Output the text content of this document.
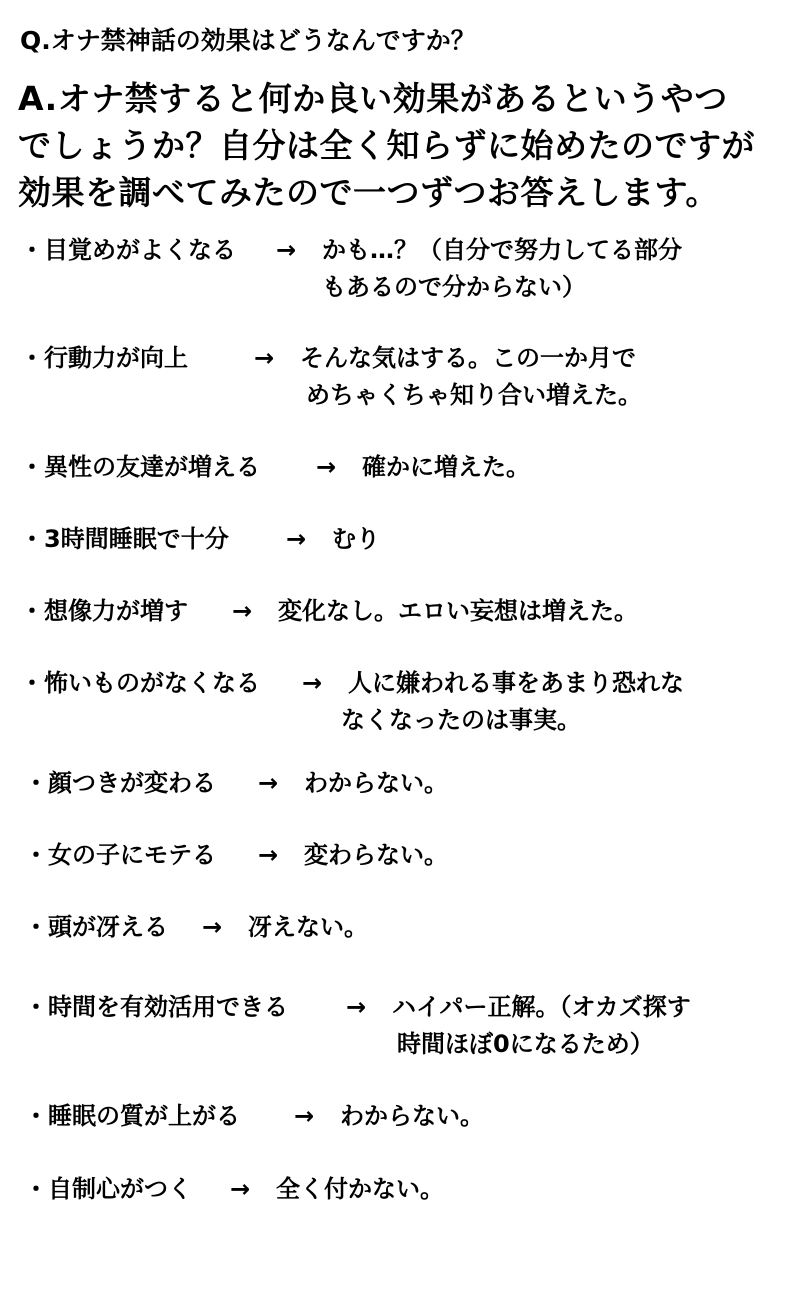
Q.オナ禁神話の効果はどうなんですか？
A.オナ禁すると何か良い効果があるというやつ
でしょうか？自分は全く知らずに始めたのですが
効果を調べてみたので一つずつお答えします。
・目覚めがよくなる → かも…？（自分で努力してる部分
もあるので分からない）
・行動力が向上	→ そんな気はする。この一か月で
めちゃくちゃ知り合い増えた。
・異性の友達が増える → 確かに増えた。
・3時間睡眠で十分 → むり
・想像力が増す → 変化なし。エロい妄想は増えた。
・怖いものがなくなる → 人に嫌われる事をあまり恐れな
なくなったのは事実。
・顔つきが変わる → わからない。
・女の子にモテる → 変わらない。
・頭が冴える → 冴えない。
・時間を有効活用できる → ハイパー正解。（オカズ探す
時間ほぼ0になるため）
・睡眠の質が上がる → わからない。
・自制心がつく → 全く付かない。
